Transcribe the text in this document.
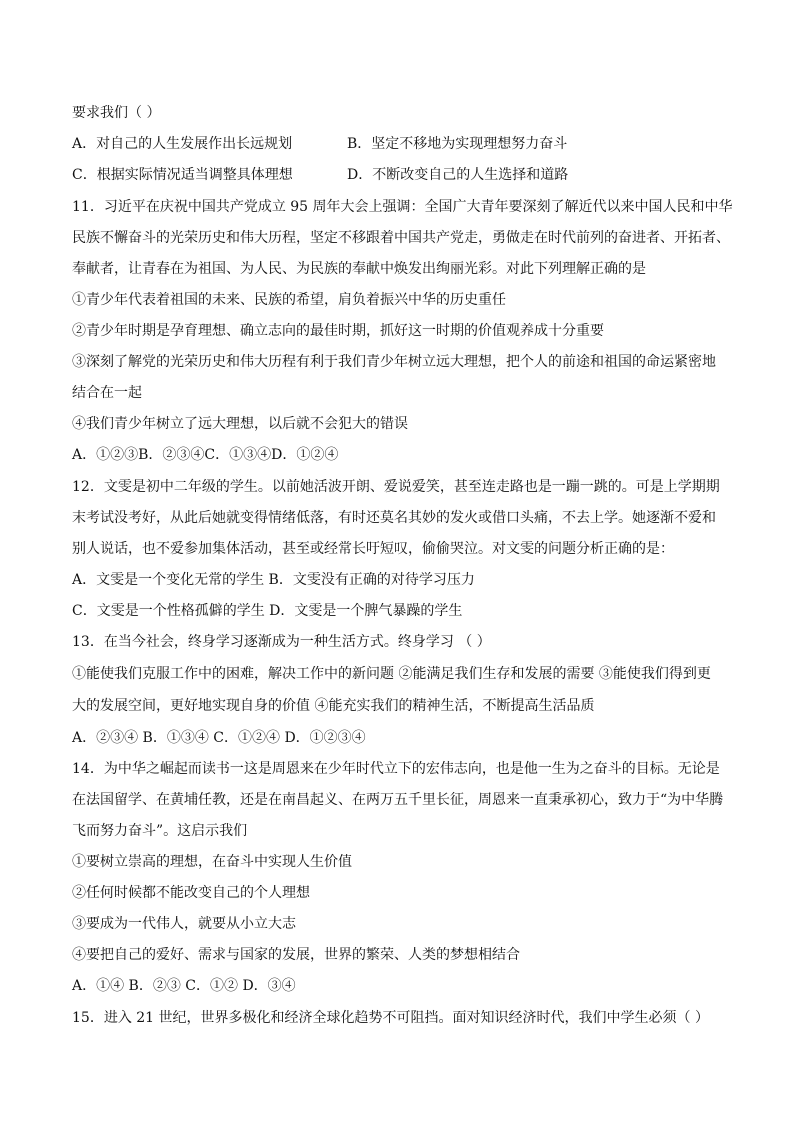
要求我们（ ）
A．对自己的人生发展作出长远规划	B．坚定不移地为实现理想努力奋斗
C．根据实际情况适当调整具体理想	D．不断改变自己的人生选择和道路
11．习近平在庆祝中国共产党成立 95 周年大会上强调：全国广大青年要深刻了解近代以来中国人民和中华
民族不懈奋斗的光荣历史和伟大历程，坚定不移跟着中国共产党走，勇做走在时代前列的奋进者、开拓者、
奉献者，让青春在为祖国、为人民、为民族的奉献中焕发出绚丽光彩。对此下列理解正确的是
①青少年代表着祖国的未来、民族的希望，肩负着振兴中华的历史重任
②青少年时期是孕育理想、确立志向的最佳时期，抓好这一时期的价值观养成十分重要
③深刻了解党的光荣历史和伟大历程有利于我们青少年树立远大理想，把个人的前途和祖国的命运紧密地
结合在一起
④我们青少年树立了远大理想，以后就不会犯大的错误
A．①②③B．②③④C．①③④D．①②④
12．文雯是初中二年级的学生。以前她活波开朗、爱说爱笑，甚至连走路也是一蹦一跳的。可是上学期期
末考试没考好，从此后她就变得情绪低落，有时还莫名其妙的发火或借口头痛，不去上学。她逐渐不爱和
别人说话，也不爱参加集体活动，甚至或经常长吁短叹，偷偷哭泣。对文雯的问题分析正确的是：
A．文雯是一个变化无常的学生 B．文雯没有正确的对待学习压力
C．文雯是一个性格孤僻的学生 D．文雯是一个脾气暴躁的学生
13．在当今社会，终身学习逐渐成为一种生活方式。终身学习 （ ）
①能使我们克服工作中的困难，解决工作中的新问题 ②能满足我们生存和发展的需要 ③能使我们得到更
大的发展空间，更好地实现自身的价值 ④能充实我们的精神生活，不断提高生活品质
A．②③④ B．①③④ C．①②④ D．①②③④
14．为中华之崛起而读书一这是周恩来在少年时代立下的宏伟志向，也是他一生为之奋斗的目标。无论是
在法国留学、在黄埔任教，还是在南昌起义、在两万五千里长征，周恩来一直秉承初心，致力于“为中华腾
飞而努力奋斗”。这启示我们
①要树立崇高的理想，在奋斗中实现人生价值
②任何时候都不能改变自己的个人理想
③要成为一代伟人，就要从小立大志
④要把自己的爱好、需求与国家的发展，世界的繁荣、人类的梦想相结合
A．①④ B．②③ C．①② D．③④
15．进入 21 世纪，世界多极化和经济全球化趋势不可阻挡。面对知识经济时代，我们中学生必须（ ）
